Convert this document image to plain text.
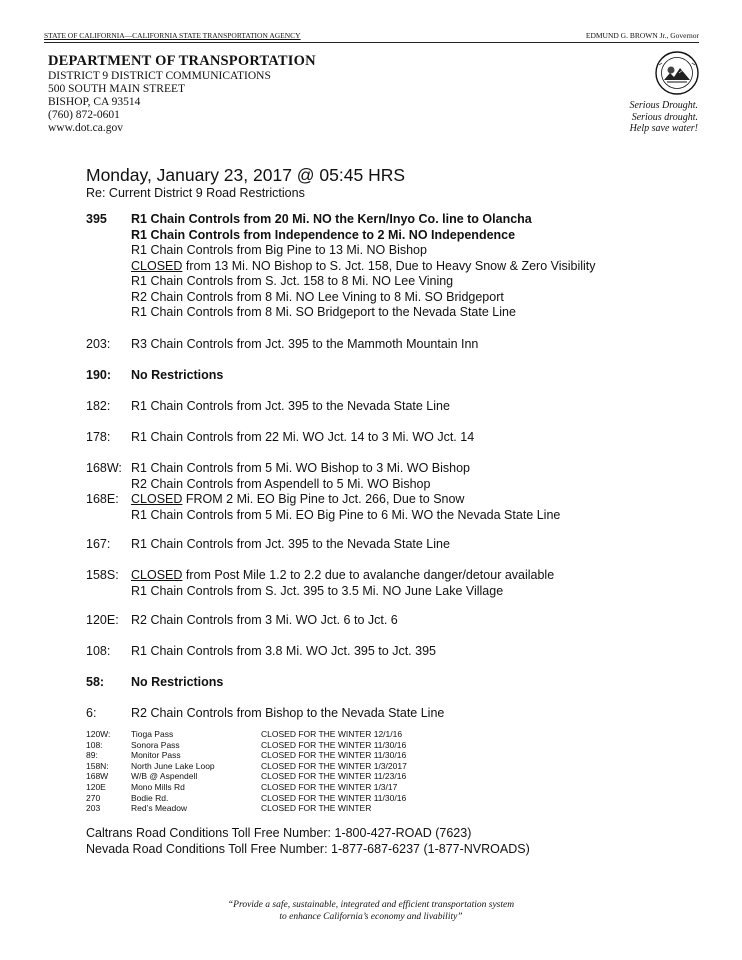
STATE OF CALIFORNIA—CALIFORNIA STATE TRANSPORTATION AGENCY	EDMUND G. BROWN Jr., Governor
DEPARTMENT OF TRANSPORTATION
DISTRICT 9 DISTRICT COMMUNICATIONS
500 SOUTH MAIN STREET
BISHOP, CA 93514
(760) 872-0601
www.dot.ca.gov
Serious Drought.
Serious drought.
Help save water!
Monday, January 23, 2017 @ 05:45 HRS
Re: Current District 9 Road Restrictions
395 R1 Chain Controls from 20 Mi. NO the Kern/Inyo Co. line to Olancha
R1 Chain Controls from Independence to 2 Mi. NO Independence
R1 Chain Controls from Big Pine to 13 Mi. NO Bishop
CLOSED from 13 Mi. NO Bishop to S. Jct. 158, Due to Heavy Snow & Zero Visibility
R1 Chain Controls from S. Jct. 158 to 8 Mi. NO Lee Vining
R2 Chain Controls from 8 Mi. NO Lee Vining to 8 Mi. SO Bridgeport
R1 Chain Controls from 8 Mi. SO Bridgeport to the Nevada State Line
203: R3 Chain Controls from Jct. 395 to the Mammoth Mountain Inn
190: No Restrictions
182: R1 Chain Controls from Jct. 395 to the Nevada State Line
178: R1 Chain Controls from 22 Mi. WO Jct. 14 to 3 Mi. WO Jct. 14
168W: R1 Chain Controls from 5 Mi. WO Bishop to 3 Mi. WO Bishop
R2 Chain Controls from Aspendell to 5 Mi. WO Bishop
168E: CLOSED FROM 2 Mi. EO Big Pine to Jct. 266, Due to Snow
R1 Chain Controls from 5 Mi. EO Big Pine to 6 Mi. WO the Nevada State Line
167: R1 Chain Controls from Jct. 395 to the Nevada State Line
158S: CLOSED from Post Mile 1.2 to 2.2 due to avalanche danger/detour available
R1 Chain Controls from S. Jct. 395 to 3.5 Mi. NO June Lake Village
120E: R2 Chain Controls from 3 Mi. WO Jct. 6 to Jct. 6
108: R1 Chain Controls from 3.8 Mi. WO Jct. 395 to Jct. 395
58: No Restrictions
6:	R2 Chain Controls from Bishop to the Nevada State Line
120W: Tioga Pass	CLOSED FOR THE WINTER 12/1/16
108:	Sonora Pass	CLOSED FOR THE WINTER 11/30/16
89:	Monitor Pass	CLOSED FOR THE WINTER 11/30/16
158N:	North June Lake Loop	CLOSED FOR THE WINTER 1/3/2017
168W	W/B @ Aspendell	CLOSED FOR THE WINTER 11/23/16
120E	Mono Mills Rd	CLOSED FOR THE WINTER 1/3/17
270	Bodie Rd.	CLOSED FOR THE WINTER 11/30/16
203	Red’s Meadow	CLOSED FOR THE WINTER
Caltrans Road Conditions Toll Free Number: 1-800-427-ROAD (7623)
Nevada Road Conditions Toll Free Number: 1-877-687-6237 (1-877-NVROADS)
“Provide a safe, sustainable, integrated and efficient transportation system
to enhance California’s economy and livability”
